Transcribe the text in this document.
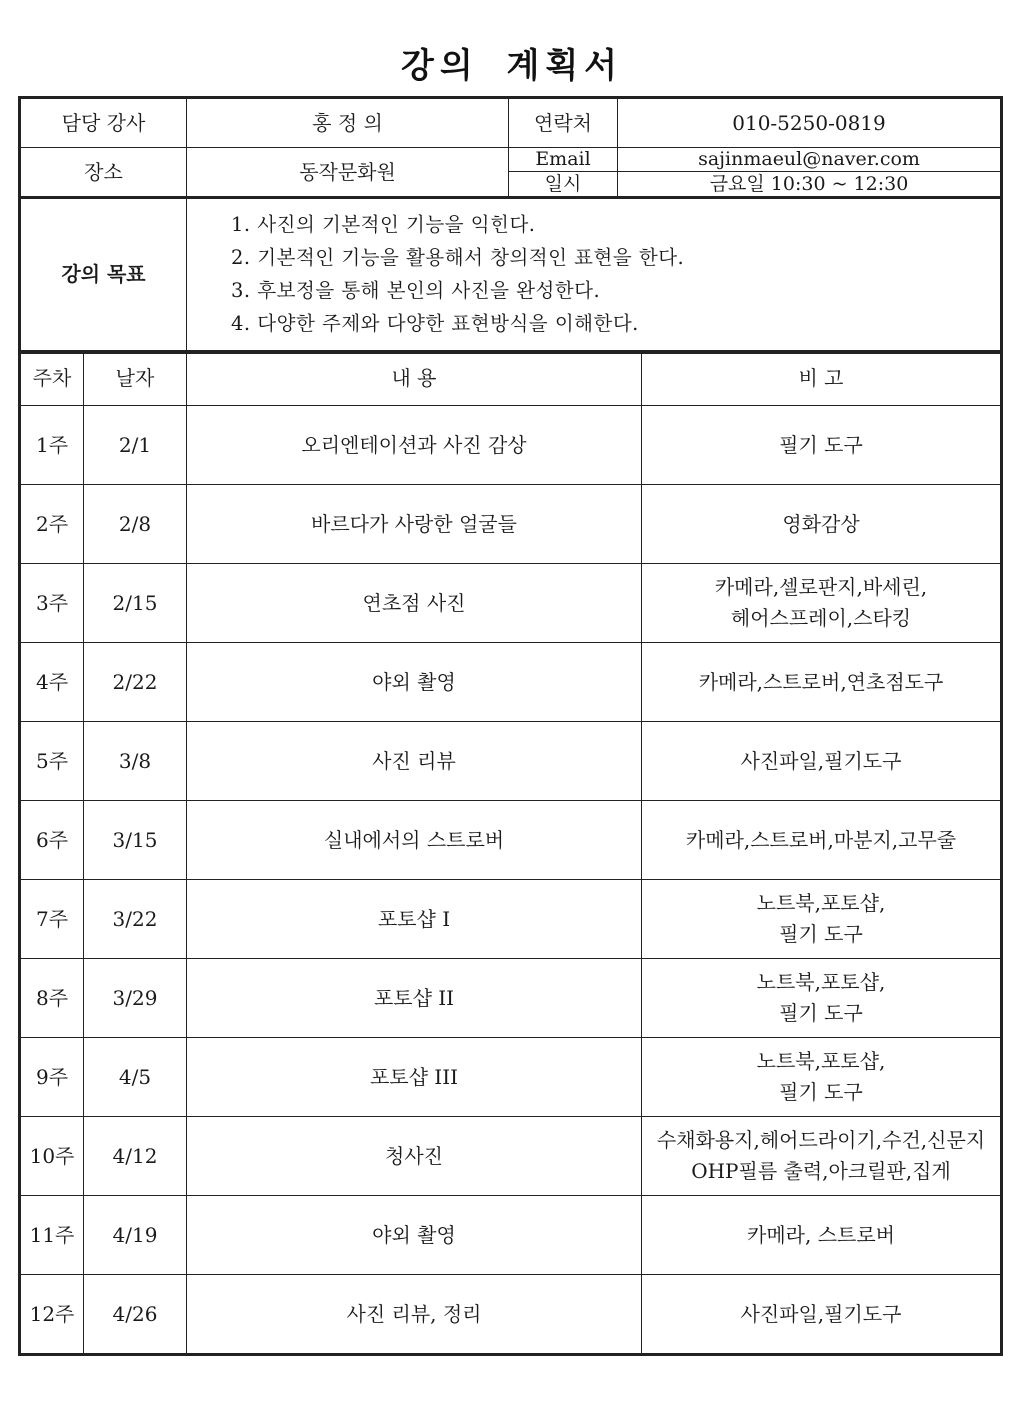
강의 계획서
담당 강사	홍 정 의	연락처	010-5250-0819
장소	동작문화원	Email	sajinmaeul@naver.com
		일시	금요일 10:30 ~ 12:30
강의 목표	
1. 사진의 기본적인 기능을 익힌다.
2. 기본적인 기능을 활용해서 창의적인 표현을 한다.
3. 후보정을 통해 본인의 사진을 완성한다.
4. 다양한 주제와 다양한 표현방식을 이해한다.
주차	날자	내 용	비 고
1주	2/1	오리엔테이션과 사진 감상	필기 도구

2주	2/8	바르다가 사랑한 얼굴들	영화감상

3주	2/15	연초점 사진	카메라,셀로판지,바세린,
헤어스프레이,스타킹

4주	2/22	야외 촬영	카메라,스트로버,연초점도구

5주	3/8	사진 리뷰	사진파일,필기도구

6주	3/15	실내에서의 스트로버	카메라,스트로버,마분지,고무줄

7주	3/22	포토샵 I	노트북,포토샵,
필기 도구

8주	3/29	포토샵 II	노트북,포토샵,
필기 도구

9주	4/5	포토샵 III	노트북,포토샵,
필기 도구

10주	4/12	청사진	수채화용지,헤어드라이기,수건,신문지
OHP필름 출력,아크릴판,집게

11주	4/19	야외 촬영	카메라, 스트로버

12주	4/26	사진 리뷰, 정리	사진파일,필기도구
